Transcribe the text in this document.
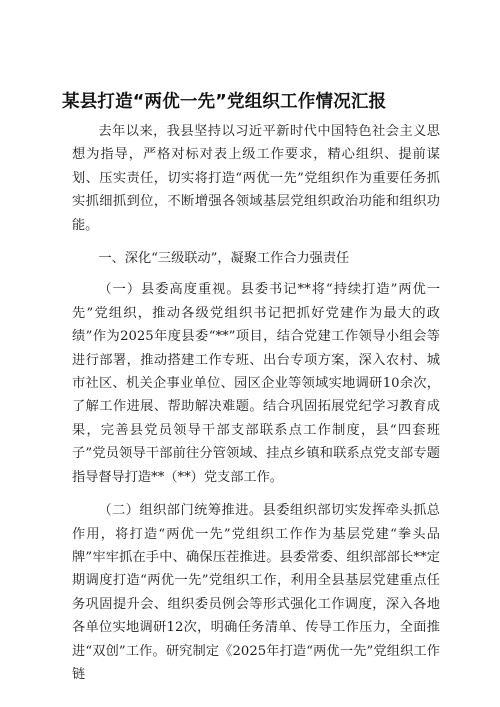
某县打造“两优一先”党组织工作情况汇报

去年以来，我县坚持以习近平新时代中国特色社会主义思想为指导，严格对标对表上级工作要求，精心组织、提前谋划、压实责任，切实将打造“两优一先”党组织作为重要任务抓实抓细抓到位，不断增强各领域基层党组织政治功能和组织功能。

一、深化“三级联动”，凝聚工作合力强责任

（一）县委高度重视。县委书记**将“持续打造”两优一先”党组织，推动各级党组织书记把抓好党建作为最大的政绩”作为2025年度县委“**”项目，结合党建工作领导小组会等进行部署，推动搭建工作专班、出台专项方案，深入农村、城市社区、机关企事业单位、园区企业等领域实地调研10余次，了解工作进展、帮助解决难题。结合巩固拓展党纪学习教育成果，完善县党员领导干部支部联系点工作制度，县“四套班子”党员领导干部前往分管领域、挂点乡镇和联系点党支部专题指导督导打造**（**）党支部工作。

（二）组织部门统筹推进。县委组织部切实发挥牵头抓总作用，将打造“两优一先”党组织工作作为基层党建“拳头品牌”牢牢抓在手中、确保压茬推进。县委常委、组织部部长**定期调度打造“两优一先”党组织工作，利用全县基层党建重点任务巩固提升会、组织委员例会等形式强化工作调度，深入各地各单位实地调研12次，明确任务清单、传导工作压力，全面推进“双创”工作。研究制定《2025年打造“两优一先”党组织工作链
